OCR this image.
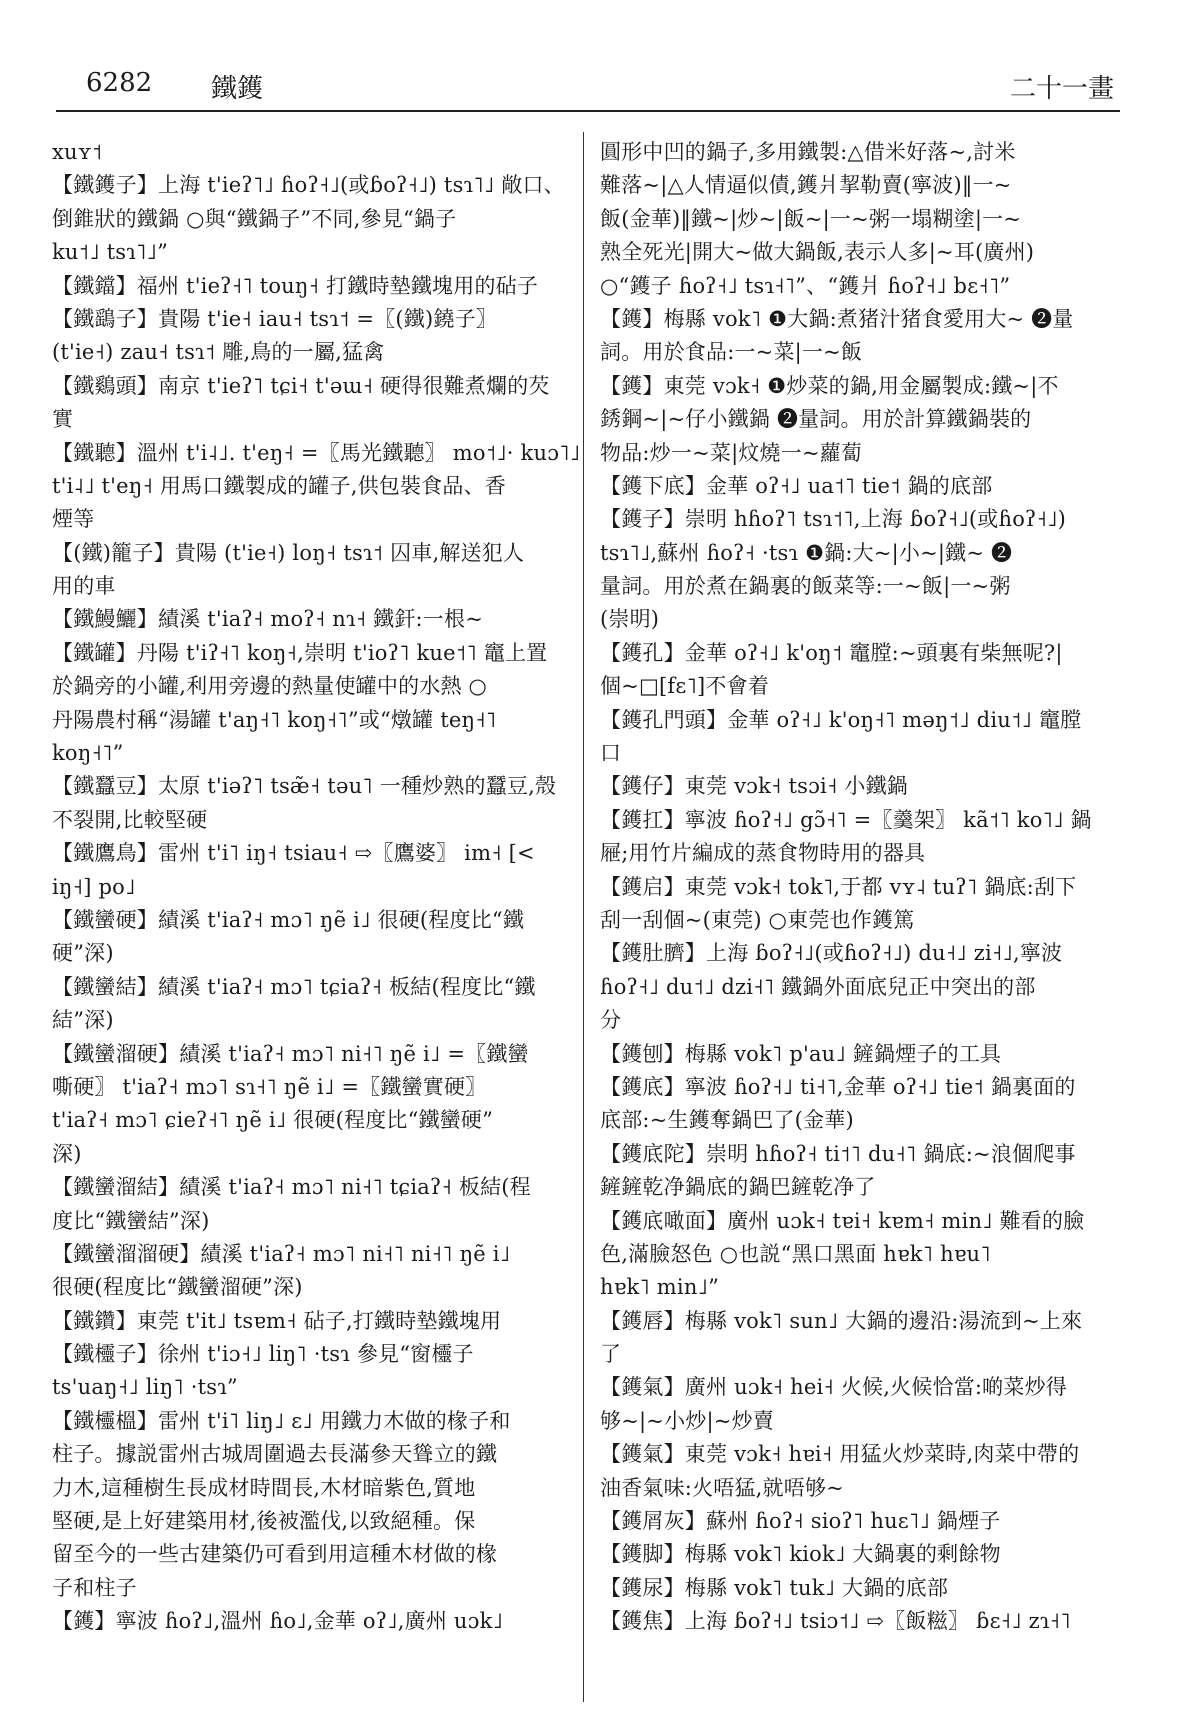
6282 鐵鑊	二十一畫
xuʏ˦
【鐵鑊子】上海 t'ieʔ˥˩ ɦoʔ˧˩(或ɓoʔ˧˩) tsɿ˥˩ 敞口、
倒錐狀的鐵鍋 ○與“鐵鍋子”不同,參見“鍋子
ku˦˩ tsɿ˥˩”
【鐵鐺】福州 t'ieʔ˧˥ touŋ˧ 打鐵時墊鐵塊用的砧子
【鐵鷂子】貴陽 t'ie˧ iau˧ tsɿ˦ =〖(鐵)鐃子〗
(t'ie˧) zau˧ tsɿ˦ 雕,鳥的一屬,猛禽
【鐵鷄頭】南京 t'ieʔ˥ tɕi˧ t'əɯ˧ 硬得很難煮爛的芡
實
【鐵聽】溫州 t'i˨˩. t'eŋ˧ =〖馬光鐵聽〗 mo˦˩· kuɔ˥˩
t'i˨˩ t'eŋ˧ 用馬口鐵製成的罐子,供包裝食品、香
煙等
【(鐵)籠子】貴陽 (t'ie˧) loŋ˧ tsɿ˦ 囚車,解送犯人
用的車
【鐵鰻鱺】績溪 t'iaʔ˧ moʔ˧ nɿ˧ 鐵釬:一根~
【鐵罐】丹陽 t'iʔ˧˥ koŋ˧,崇明 t'ioʔ˥ kue˦˥ 竈上置
於鍋旁的小罐,利用旁邊的熱量使罐中的水熱 ○
丹陽農村稱“湯罐 t'aŋ˧˥ koŋ˧˥”或“燉罐 teŋ˧˥
koŋ˧˥”
【鐵蠶豆】太原 t'iəʔ˥ tsæ̃˧ təu˥ 一種炒熟的蠶豆,殼
不裂開,比較堅硬
【鐵鷹鳥】雷州 t'i˥ iŋ˧ tsiau˧ ⇨〖鷹婆〗 im˧ [<
iŋ˧] po˩
【鐵蠻硬】績溪 t'iaʔ˧ mɔ˥ ŋẽ i˩ 很硬(程度比“鐵
硬”深)
【鐵蠻結】績溪 t'iaʔ˧ mɔ˥ tɕiaʔ˧ 板結(程度比“鐵
結”深)
【鐵蠻溜硬】績溪 t'iaʔ˧ mɔ˥ ni˧˥ ŋẽ i˩ =〖鐵蠻
嘶硬〗 t'iaʔ˧ mɔ˥ sɿ˧˥ ŋẽ i˩ =〖鐵蠻實硬〗
t'iaʔ˧ mɔ˥ ɕieʔ˧˥ ŋẽ i˩ 很硬(程度比“鐵蠻硬”
深)
【鐵蠻溜結】績溪 t'iaʔ˧ mɔ˥ ni˧˥ tɕiaʔ˧ 板結(程
度比“鐵蠻結”深)
【鐵蠻溜溜硬】績溪 t'iaʔ˧ mɔ˥ ni˧˥ ni˧˥ ŋẽ i˩
很硬(程度比“鐵蠻溜硬”深)
【鐵鑽】東莞 t'it˩ tsɐm˧ 砧子,打鐵時墊鐵塊用
【鐵欞子】徐州 t'iɔ˧˩ liŋ˥ ·tsɿ 參見“窗欞子
ts'uaŋ˧˩ liŋ˥ ·tsɿ”
【鐵欞榲】雷州 t'i˥ liŋ˩ ɛ˩ 用鐵力木做的椽子和
柱子。據説雷州古城周圍過去長滿參天聳立的鐵
力木,這種樹生長成材時間長,木材暗紫色,質地
堅硬,是上好建築用材,後被濫伐,以致絕種。保
留至今的一些古建築仍可看到用這種木材做的椽
子和柱子
【鑊】寧波 ɦoʔ˩,溫州 ɦo˩,金華 oʔ˩,廣州 uɔk˩
圓形中凹的鍋子,多用鐵製:△借米好落~,討米
難落~|△人情逼似債,鑊爿挈勒賣(寧波)‖一~
飯(金華)‖鐵~|炒~|飯~|一~粥一塌糊塗|一~
熟全死光|開大~做大鍋飯,表示人多|~耳(廣州)
○“鑊子 ɦoʔ˧˩ tsɿ˧˥”、“鑊爿 ɦoʔ˧˩ bɛ˧˥”
【鑊】梅縣 vok˥ ❶大鍋:煮猪汁猪食愛用大~ ❷量
詞。用於食品:一~菜|一~飯
【鑊】東莞 vɔk˧ ❶炒菜的鍋,用金屬製成:鐵~|不
銹鋼~|~仔小鐵鍋 ❷量詞。用於計算鐵鍋裝的
物品:炒一~菜|炆燒一~蘿蔔
【鑊下底】金華 oʔ˧˩ ua˦˥ tie˦ 鍋的底部
【鑊子】崇明 hɦoʔ˥ tsɿ˦˥,上海 ɓoʔ˧˩(或ɦoʔ˧˩)
tsɿ˥˩,蘇州 ɦoʔ˧ ·tsɿ ❶鍋:大~|小~|鐵~ ❷
量詞。用於煮在鍋裏的飯菜等:一~飯|一~粥
(崇明)
【鑊孔】金華 oʔ˧˩ k'oŋ˦ 竈膛:~頭裏有柴無呢?|
個~□[fɛ˥]不會着
【鑊孔門頭】金華 oʔ˧˩ k'oŋ˧˥ məŋ˦˩ diu˦˩ 竈膛
口
【鑊仔】東莞 vɔk˧ tsɔi˧ 小鐵鍋
【鑊扛】寧波 ɦoʔ˧˩ gɔ̃˧˥ =〖羹架〗 kã˦˥ ko˥˩ 鍋
屜;用竹片編成的蒸食物時用的器具
【鑊启】東莞 vɔk˧ tok˥,于都 vʏ˨ tuʔ˥ 鍋底:刮下
刮一刮個~(東莞) ○東莞也作鑊篤
【鑊肚臍】上海 ɓoʔ˧˩(或ɦoʔ˧˩) du˧˩ zi˧˩,寧波
ɦoʔ˧˩ du˦˩ dzi˧˥ 鐵鍋外面底兒正中突出的部
分
【鑊刨】梅縣 vok˥ p'au˩ 鏟鍋煙子的工具
【鑊底】寧波 ɦoʔ˧˩ ti˧˥,金華 oʔ˧˩ tie˦ 鍋裏面的
底部:~生鑊奪鍋巴了(金華)
【鑊底陀】崇明 hɦoʔ˧ ti˦˥ du˧˥ 鍋底:~浪個爬事
鏟鏟乾净鍋底的鍋巴鏟乾净了
【鑊底噉面】廣州 uɔk˧ tɐi˧ kɐm˧ min˩ 難看的臉
色,滿臉怒色 ○也説“黑口黑面 hɐk˥ hɐu˥
hɐk˥ min˩”
【鑊唇】梅縣 vok˥ sun˩ 大鍋的邊沿:湯流到~上來
了
【鑊氣】廣州 uɔk˧ hei˧ 火候,火候恰當:啲菜炒得
够~|~小炒|~炒賣
【鑊氣】東莞 vɔk˧ hɐi˧ 用猛火炒菜時,肉菜中帶的
油香氣味:火唔猛,就唔够~
【鑊屑灰】蘇州 ɦoʔ˧ sioʔ˥ huɛ˥˩ 鍋煙子
【鑊脚】梅縣 vok˥ kiok˩ 大鍋裏的剩餘物
【鑊尿】梅縣 vok˥ tuk˩ 大鍋的底部
【鑊焦】上海 ɓoʔ˧˩ tsiɔ˦˩ ⇨〖飯糍〗 ɓɛ˧˩ zɿ˧˥
